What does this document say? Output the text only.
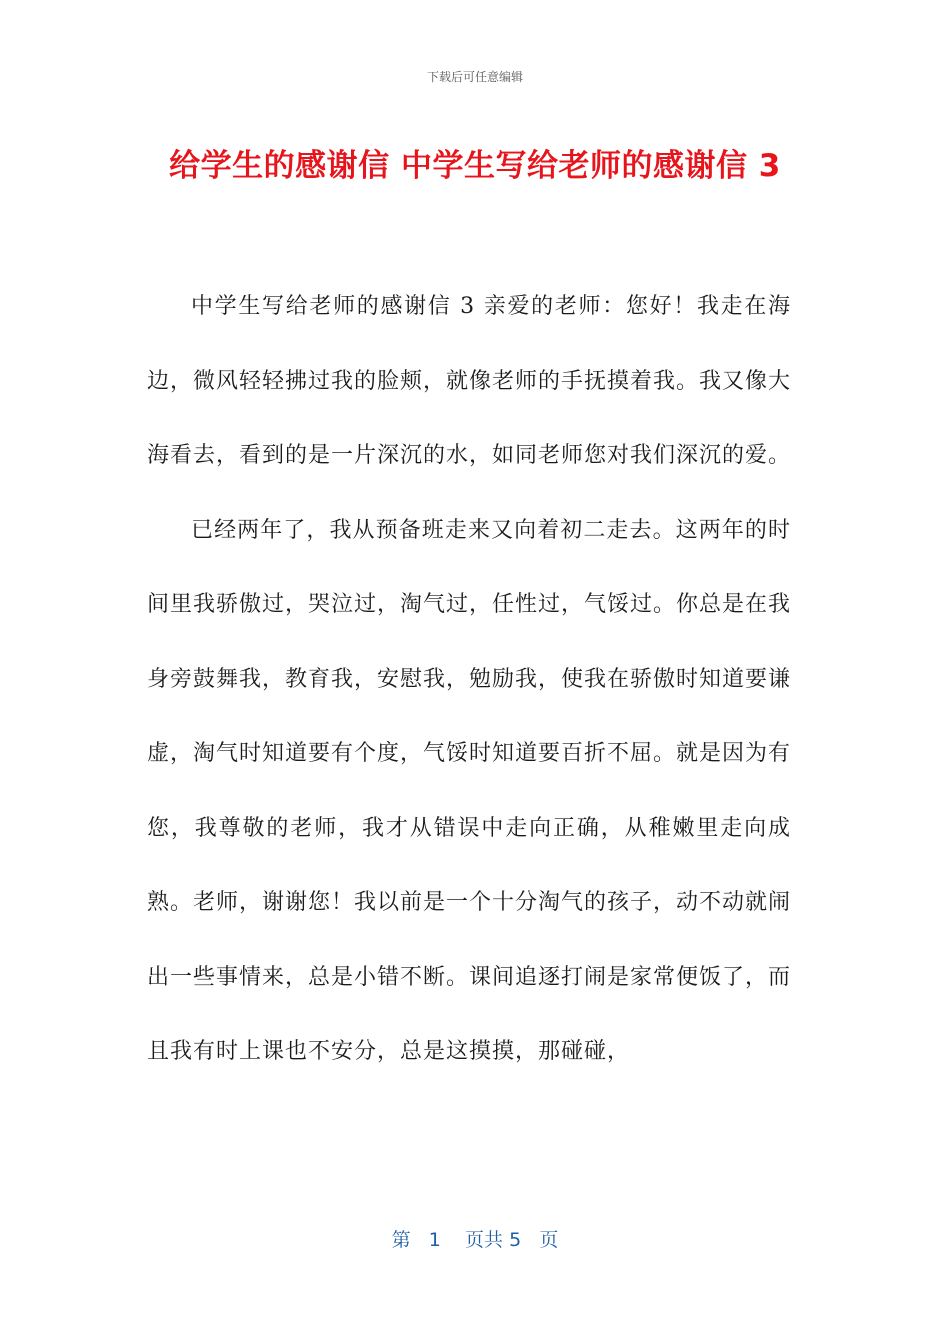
下载后可任意编辑
给学生的感谢信 中学生写给老师的感谢信 3

中学生写给老师的感谢信 3 亲爱的老师：您好！我走在海边，微风轻轻拂过我的脸颊，就像老师的手抚摸着我。我又像大海看去，看到的是一片深沉的水，如同老师您对我们深沉的爱。

已经两年了，我从预备班走来又向着初二走去。这两年的时间里我骄傲过，哭泣过，淘气过，任性过，气馁过。你总是在我身旁鼓舞我，教育我，安慰我，勉励我，使我在骄傲时知道要谦虚，淘气时知道要有个度，气馁时知道要百折不屈。就是因为有您，我尊敬的老师，我才从错误中走向正确，从稚嫩里走向成熟。老师，谢谢您！我以前是一个十分淘气的孩子，动不动就闹出一些事情来，总是小错不断。课间追逐打闹是家常便饭了，而且我有时上课也不安分，总是这摸摸，那碰碰，

第 1 页共 5 页
